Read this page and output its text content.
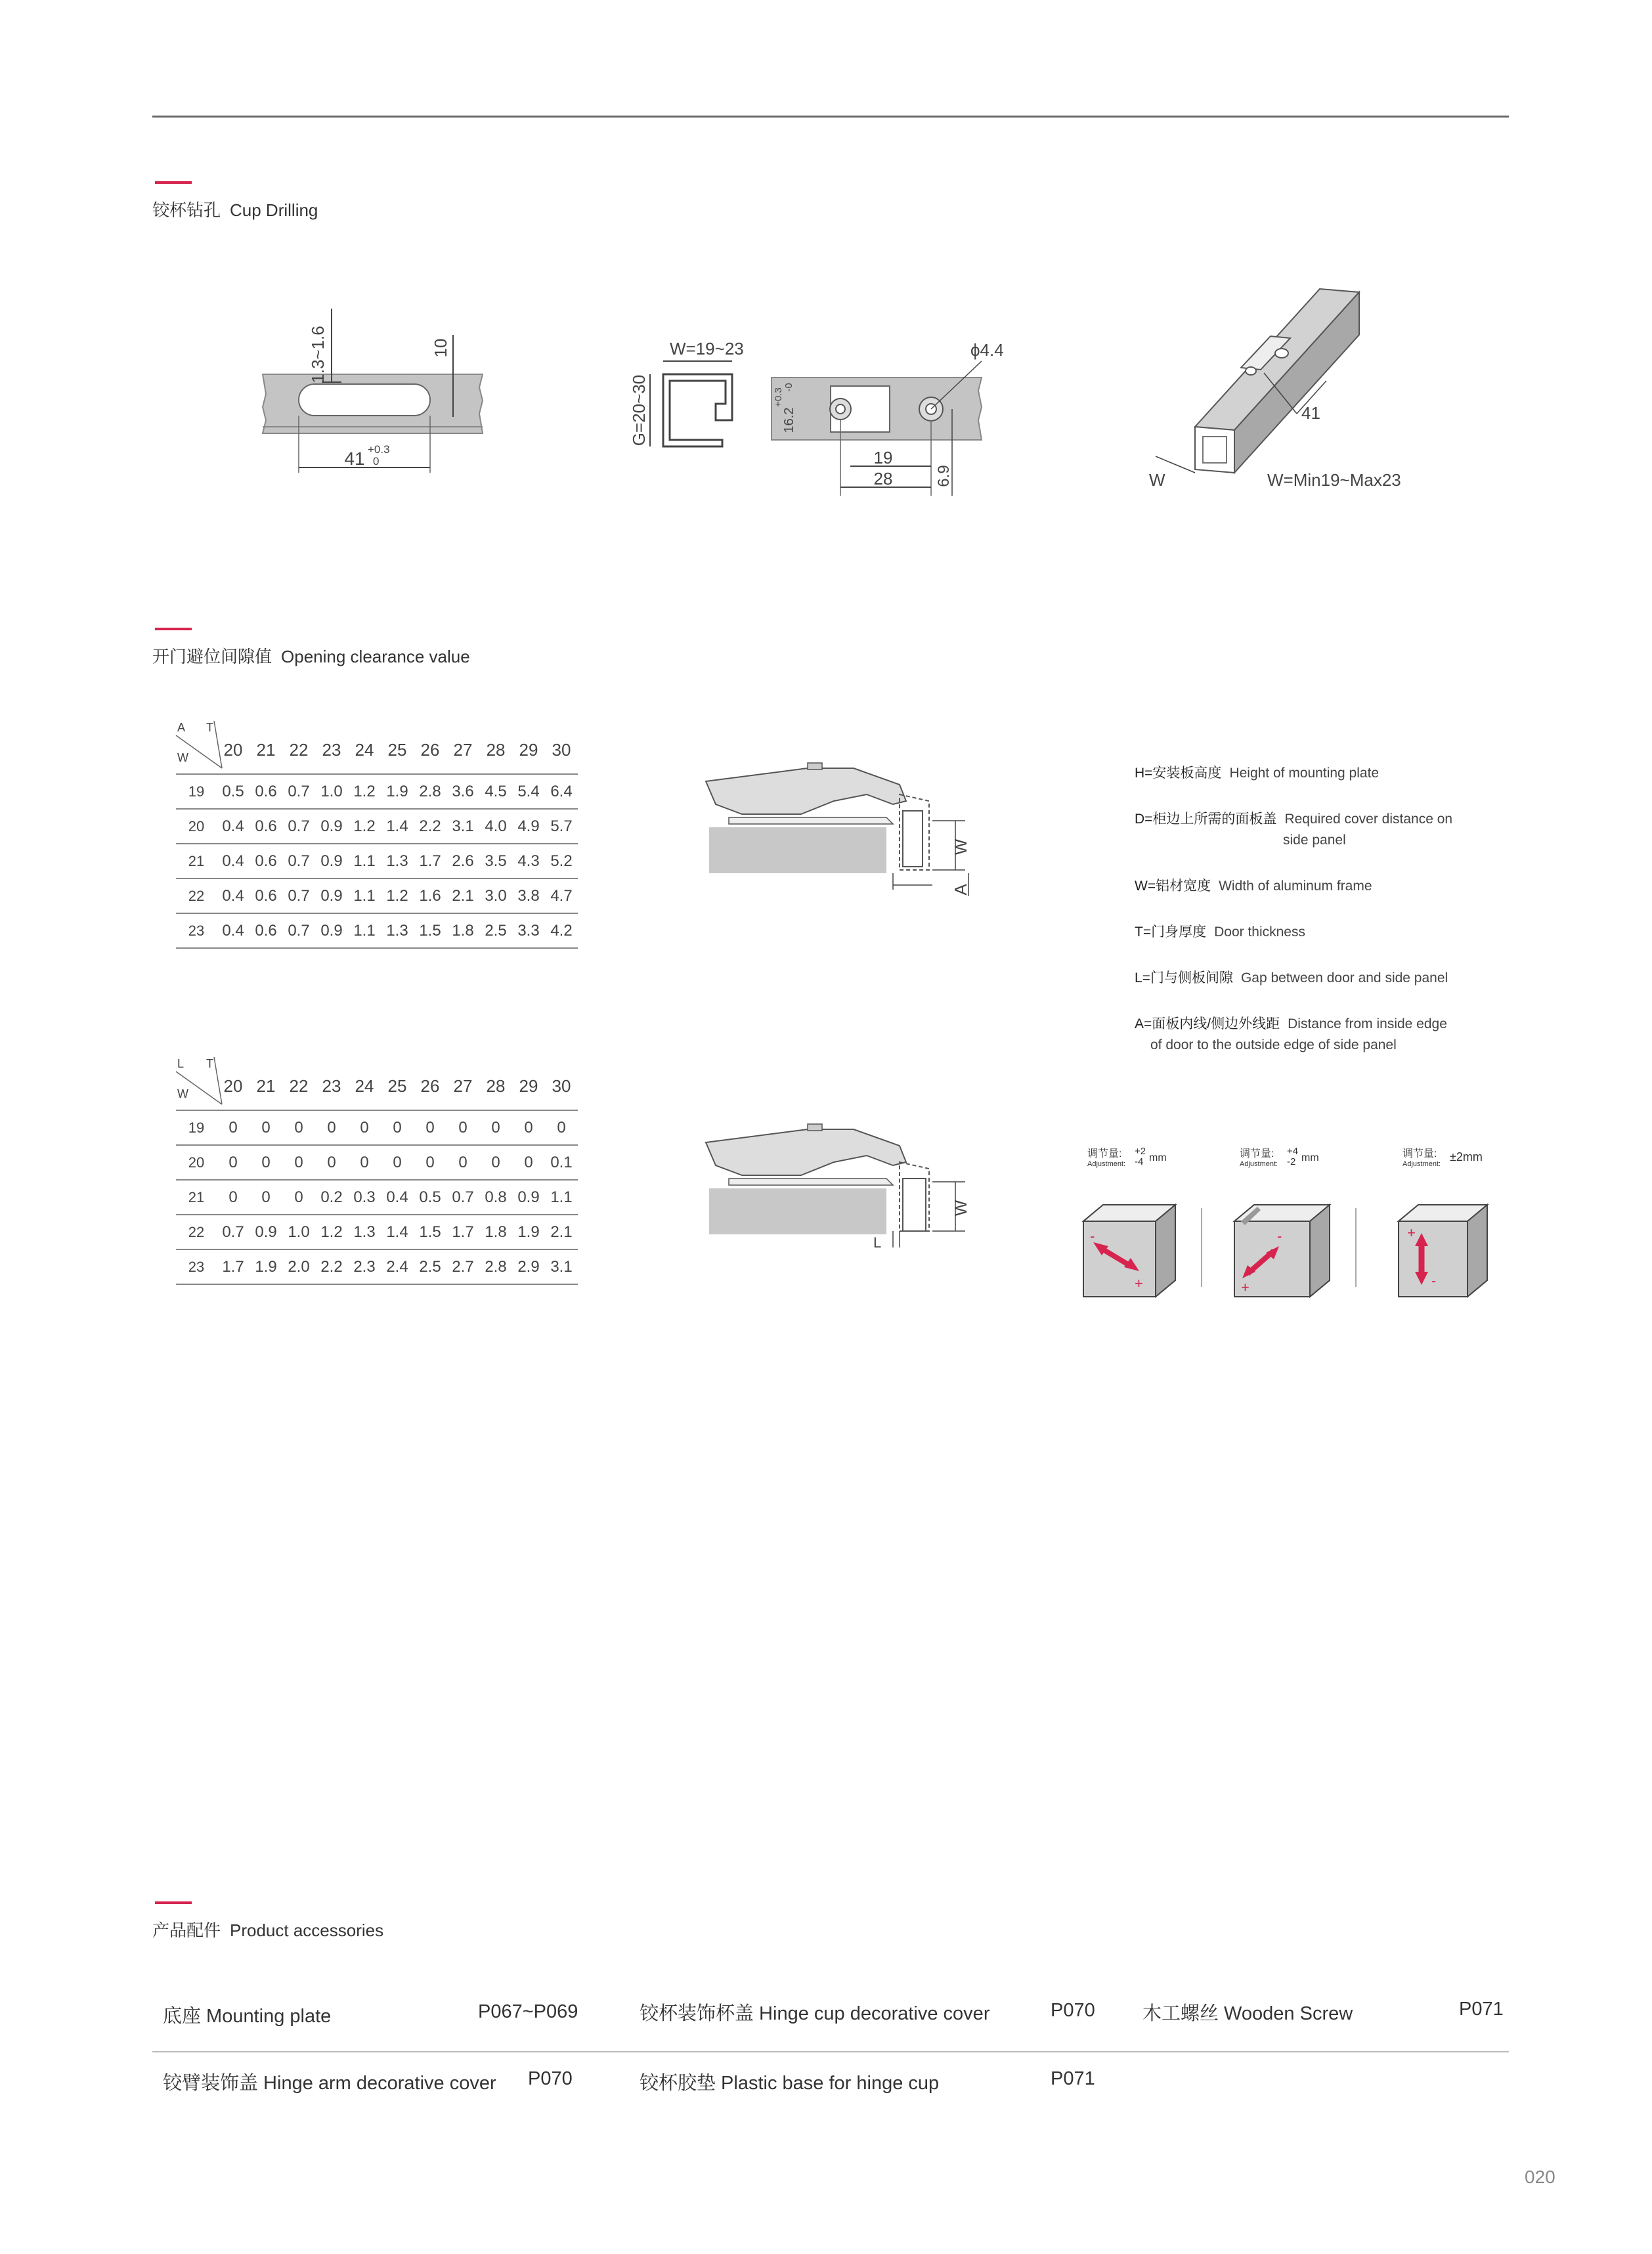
铰杯钻孔 Cup Drilling
1.3~1.6	10
41 +0.3
0
W=19~23
G=20~30
ϕ4.4
19
28	6.9
16.2
+0.3
-0
41
W	W=Min19~Max23
开门避位间隙值 Opening clearance value
A T
W	20	21	22	23	24	25	26	27	28	29	30
19	0.5	0.6	0.7	1.0	1.2	1.9	2.8	3.6	4.5	5.4	6.4
20	0.4	0.6	0.7	0.9	1.2	1.4	2.2	3.1	4.0	4.9	5.7
21	0.4	0.6	0.7	0.9	1.1	1.3	1.7	2.6	3.5	4.3	5.2
22	0.4	0.6	0.7	0.9	1.1	1.2	1.6	2.1	3.0	3.8	4.7
23	0.4	0.6	0.7	0.9	1.1	1.3	1.5	1.8	2.5	3.3	4.2
L T
W	20	21	22	23	24	25	26	27	28	29	30
19	0	0	0	0	0	0	0	0	0	0	0
20	0	0	0	0	0	0	0	0	0	0	0.1
21	0	0	0	0.2	0.3	0.4	0.5	0.7	0.8	0.9	1.1
22	0.7	0.9	1.0	1.2	1.3	1.4	1.5	1.7	1.8	1.9	2.1
23	1.7	1.9	2.0	2.2	2.3	2.4	2.5	2.7	2.8	2.9	3.1
W
A
W
L

H=安装板高度 Height of mounting plate

D=柜边上所需的面板盖 Required cover distance on
side panel

W=铝材宽度 Width of aluminum frame

T=门身厚度 Door thickness

L=门与侧板间隙 Gap between door and side panel

A=面板内线/侧边外线距 Distance from inside edge
of door to the outside edge of side panel

调节量:
Adjustment:
+2
-4 mm
-
+
调节量:
Adjustment:
+4
-2 mm
-
+
调节量:
Adjustment:
±2mm
+
-
产品配件 Product accessories
底座 Mounting plate	P067~P069	铰杯装饰杯盖 Hinge cup decorative cover	P070 木工螺丝 Wooden Screw	P071
铰臂装饰盖 Hinge arm decorative cover P070	铰杯胶垫 Plastic base for hinge cup	P071
020
